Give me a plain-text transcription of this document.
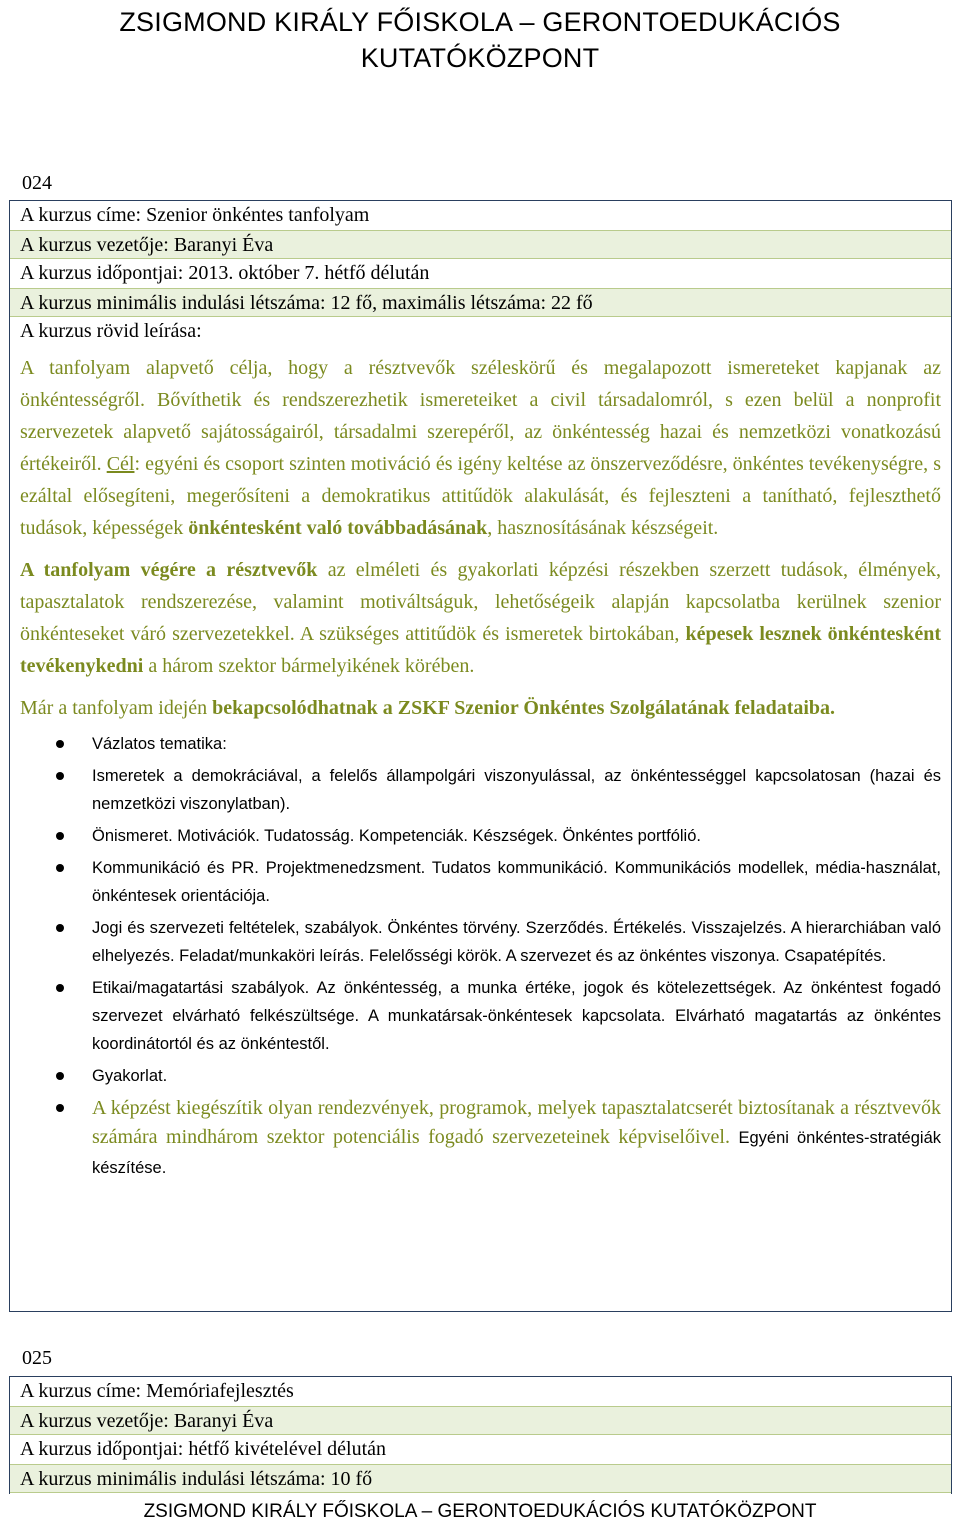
ZSIGMOND KIRÁLY FŐISKOLA – GERONTOEDUKÁCIÓS
KUTATÓKÖZPONT
024
A kurzus címe: Szenior önkéntes tanfolyam
A kurzus vezetője: Baranyi Éva
A kurzus időpontjai: 2013. október 7. hétfő délután
A kurzus minimális indulási létszáma: 12 fő, maximális létszáma: 22 fő
A kurzus rövid leírása:

A tanfolyam alapvető célja, hogy a résztvevők széleskörű és megalapozott ismereteket kapjanak az önkéntességről. Bővíthetik és rendszerezhetik ismereteiket a civil társadalomról, s ezen belül a nonprofit szervezetek alapvető sajátosságairól, társadalmi szerepéről, az önkéntesség hazai és nemzetközi vonatkozású értékeiről. Cél: egyéni és csoport szinten motiváció és igény keltése az önszerveződésre, önkéntes tevékenységre, s ezáltal elősegíteni, megerősíteni a demokratikus attitűdök alakulását, és fejleszteni a tanítható, fejleszthető tudások, képességek önkéntesként való továbbadásának, hasznosításának készségeit.

A tanfolyam végére a résztvevők az elméleti és gyakorlati képzési részekben szerzett tudások, élmények, tapasztalatok rendszerezése, valamint motiváltságuk, lehetőségeik alapján kapcsolatba kerülnek szenior önkénteseket váró szervezetekkel. A szükséges attitűdök és ismeretek birtokában, képesek lesznek önkéntesként tevékenykedni a három szektor bármelyikének körében.

Már a tanfolyam idején bekapcsolódhatnak a ZSKF Szenior Önkéntes Szolgálatának feladataiba.

Vázlatos tematika:
Ismeretek a demokráciával, a felelős állampolgári viszonyulással, az önkéntességgel kapcsolatosan (hazai és nemzetközi viszonylatban).
Önismeret. Motivációk. Tudatosság. Kompetenciák. Készségek. Önkéntes portfólió.
Kommunikáció és PR. Projektmenedzsment. Tudatos kommunikáció. Kommunikációs modellek, média-használat, önkéntesek orientációja.
Jogi és szervezeti feltételek, szabályok. Önkéntes törvény. Szerződés. Értékelés. Visszajelzés. A hierarchiában való elhelyezés. Feladat/munkaköri leírás. Felelősségi körök. A szervezet és az önkéntes viszonya. Csapatépítés.
Etikai/magatartási szabályok. Az önkéntesség, a munka értéke, jogok és kötelezettségek. Az önkéntest fogadó szervezet elvárható felkészültsége. A munkatársak-önkéntesek kapcsolata. Elvárható magatartás az önkéntes koordinátortól és az önkéntestől.
Gyakorlat.
A képzést kiegészítik olyan rendezvények, programok, melyek tapasztalatcserét biztosítanak a résztvevők számára mindhárom szektor potenciális fogadó szervezeteinek képviselőivel. Egyéni önkéntes-stratégiák készítése.
025
A kurzus címe: Memóriafejlesztés
A kurzus vezetője: Baranyi Éva
A kurzus időpontjai: hétfő kivételével délután
A kurzus minimális indulási létszáma: 10 fő
ZSIGMOND KIRÁLY FŐISKOLA – GERONTOEDUKÁCIÓS KUTATÓKÖZPONT
